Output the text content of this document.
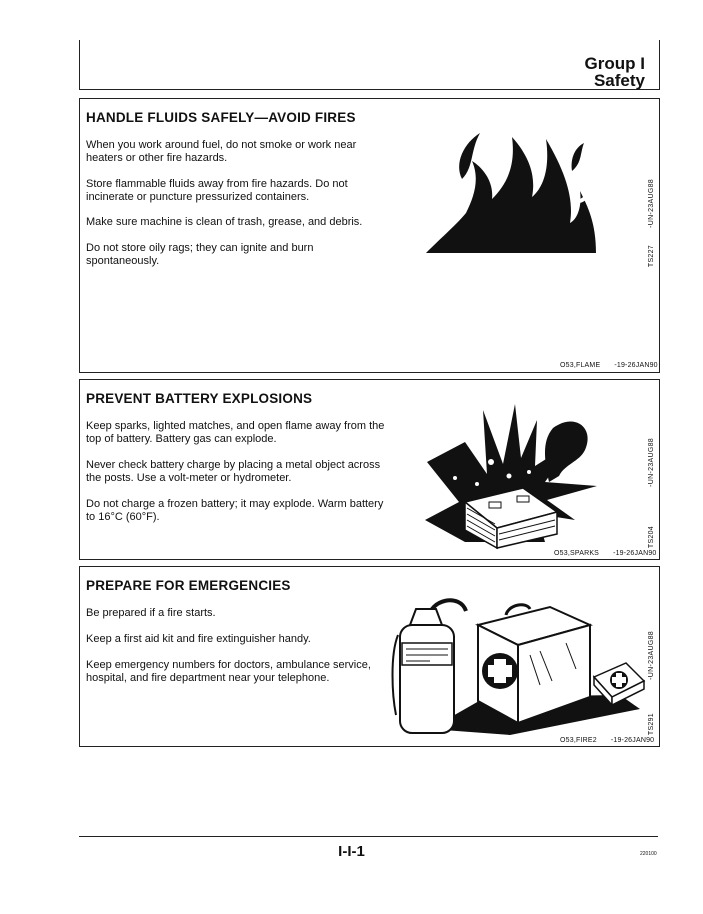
Group I
Safety
HANDLE FLUIDS SAFELY—AVOID FIRES
When you work around fuel, do not smoke or work near heaters or other fire hazards.
Store flammable fluids away from fire hazards. Do not incinerate or puncture pressurized containers.
Make sure machine is clean of trash, grease, and debris.
Do not store oily rags; they can ignite and burn spontaneously.
-UN-23AUG88
TS227
O53,FLAME -19-26JAN90
PREVENT BATTERY EXPLOSIONS
Keep sparks, lighted matches, and open flame away from the top of battery. Battery gas can explode.
Never check battery charge by placing a metal object across the posts. Use a volt-meter or hydrometer.
Do not charge a frozen battery; it may explode. Warm battery to 16°C (60°F).
-UN-23AUG88
TS204
O53,SPARKS -19-26JAN90
PREPARE FOR EMERGENCIES
Be prepared if a fire starts.
Keep a first aid kit and fire extinguisher handy.
Keep emergency numbers for doctors, ambulance service, hospital, and fire department near your telephone.	-UN-23AUG88
TS291
O53,FIRE2 -19-26JAN90
I-I-1	220100
